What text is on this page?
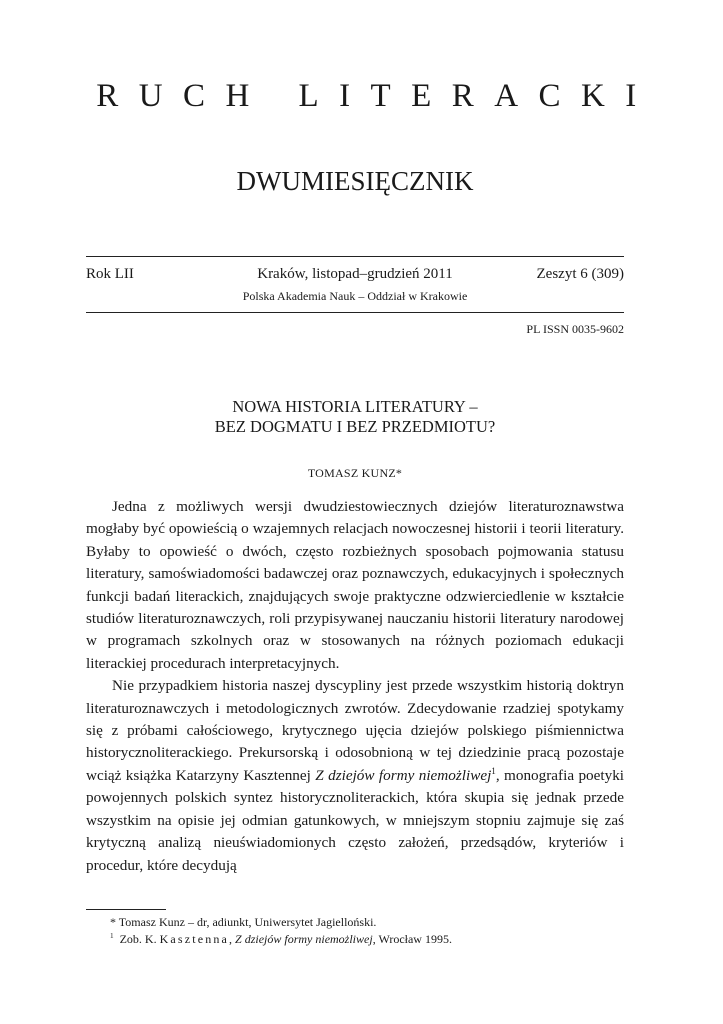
RUCH LITERACKI
DWUMIESIĘCZNIK
Rok LII	Kraków, listopad–grudzień 2011	Zeszyt 6 (309)
Polska Akademia Nauk – Oddział w Krakowie
PL ISSN 0035-9602
NOWA HISTORIA LITERATURY –
BEZ DOGMATU I BEZ PRZEDMIOTU?
TOMASZ KUNZ*

Jedna z możliwych wersji dwudziestowiecznych dziejów literaturoznawstwa mogłaby być opowieścią o wzajemnych relacjach nowoczesnej historii i teorii literatury. Byłaby to opowieść o dwóch, często rozbieżnych sposobach pojmowania statusu literatury, samoświadomości badawczej oraz poznawczych, edukacyjnych i społecznych funkcji badań literackich, znajdujących swoje praktyczne odzwierciedlenie w kształcie studiów literaturoznawczych, roli przypisywanej nauczaniu historii literatury narodowej w programach szkolnych oraz w stosowanych na różnych poziomach edukacji literackiej procedurach interpretacyjnych.

Nie przypadkiem historia naszej dyscypliny jest przede wszystkim historią doktryn literaturoznawczych i metodologicznych zwrotów. Zdecydowanie rzadziej spotykamy się z próbami całościowego, krytycznego ujęcia dziejów polskiego piśmiennictwa historycznoliterackiego. Prekursorską i odosobnioną w tej dziedzinie pracą pozostaje wciąż książka Katarzyny Kasztennej Z dziejów formy niemożliwej$^1$, monografia poetyki powojennych polskich syntez historycznoliterackich, która skupia się jednak przede wszystkim na opisie jej odmian gatunkowych, w mniejszym stopniu zajmuje się zaś krytyczną analizą nieuświadomionych często założeń, przedsądów, kryteriów i procedur, które decydują

* Tomasz Kunz – dr, adiunkt, Uniwersytet Jagielloński.
$^1$ Zob. K. Kasztenna, Z dziejów formy niemożliwej, Wrocław 1995.
